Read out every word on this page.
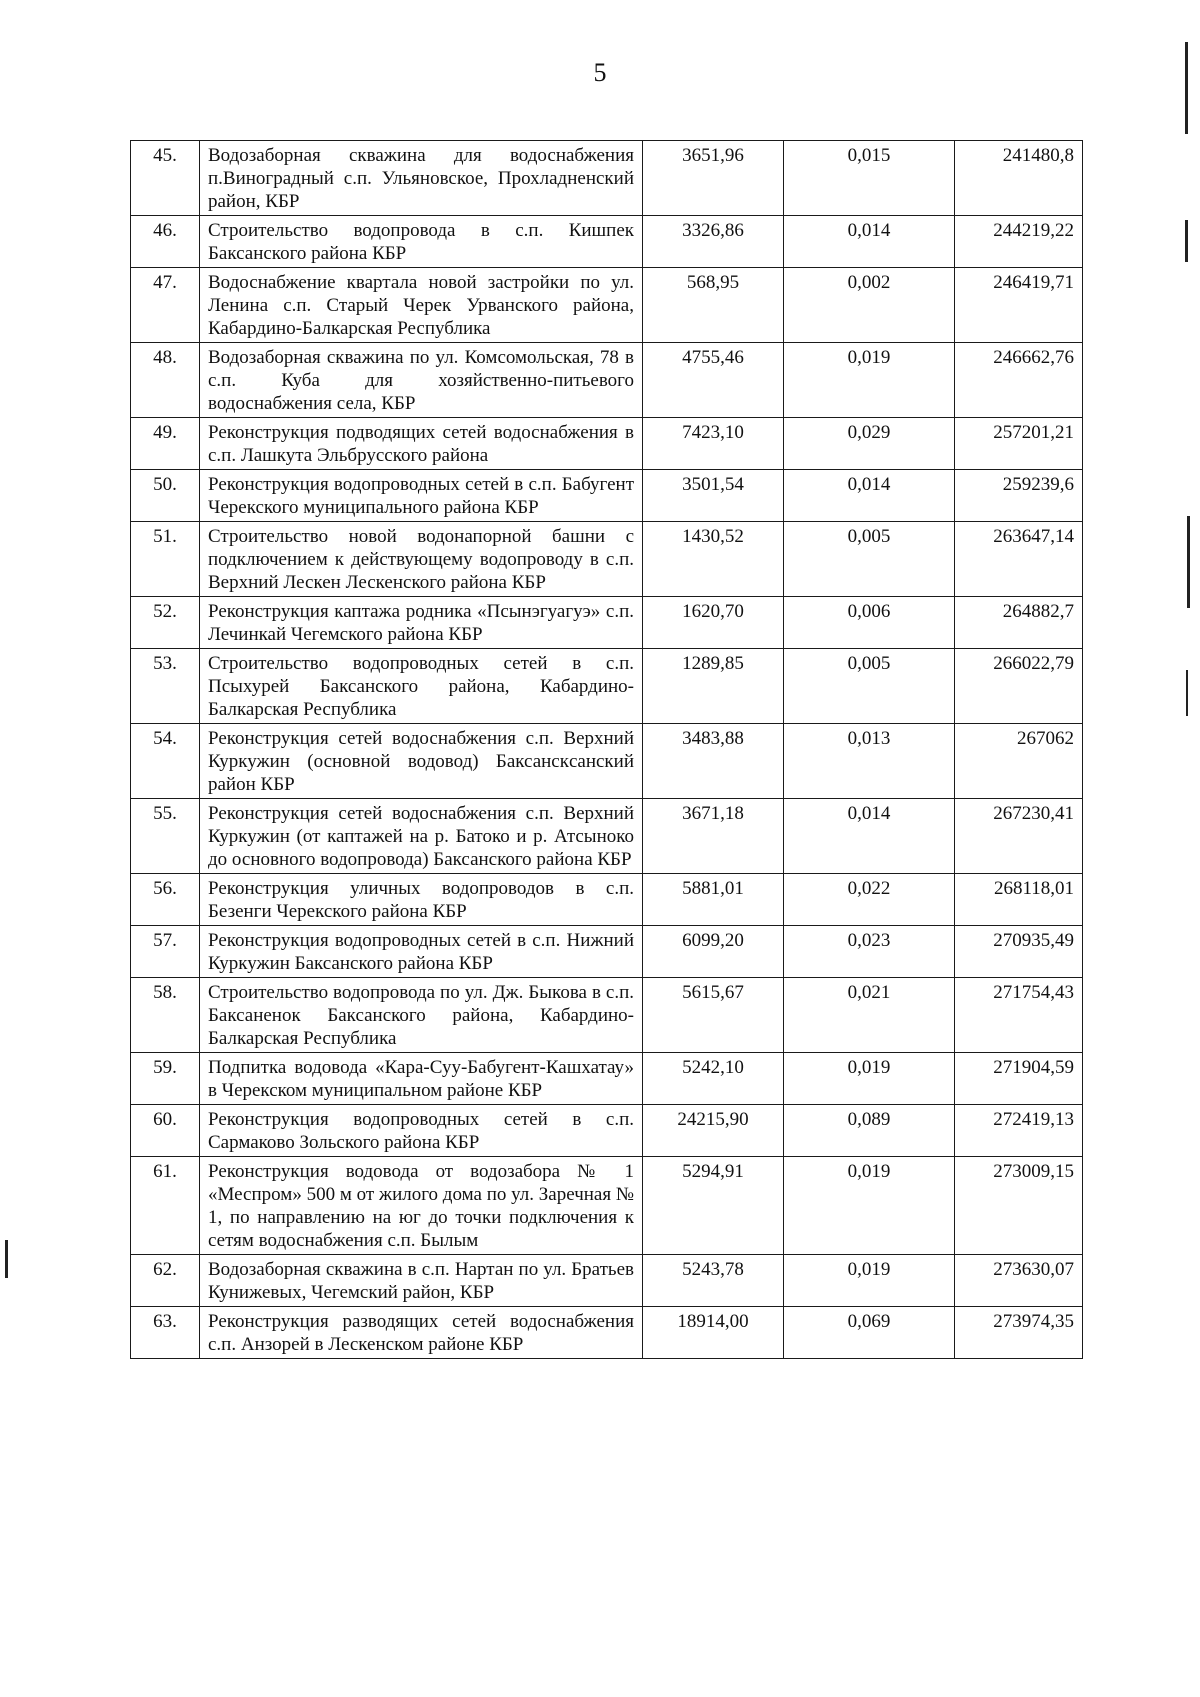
5
45.	Водозаборная скважина для водоснабжения п.Виноградный с.п. Ульяновское, Прохладненский район, КБР	3651,96	0,015	241480,8
46.	Строительство водопровода в с.п. Кишпек Баксанского района КБР	3326,86	0,014	244219,22
47.	Водоснабжение квартала новой застройки по ул. Ленина с.п. Старый Черек Урванского района, Кабардино-Балкарская Республика	568,95	0,002	246419,71
48.	Водозаборная скважина по ул. Комсомольская, 78 в с.п. Куба для хозяйственно-питьевого водоснабжения села, КБР	4755,46	0,019	246662,76
49.	Реконструкция подводящих сетей водоснабжения в с.п. Лашкута Эльбрусского района	7423,10	0,029	257201,21
50.	Реконструкция водопроводных сетей в с.п. Бабугент Черекского муниципального района КБР	3501,54	0,014	259239,6
51.	Строительство новой водонапорной башни с подключением к действующему водопроводу в с.п. Верхний Лескен Лескенского района КБР	1430,52	0,005	263647,14
52.	Реконструкция каптажа родника «Псынэгуагуэ» с.п. Лечинкай Чегемского района КБР	1620,70	0,006	264882,7
53.	Строительство водопроводных сетей в с.п. Псыхурей Баксанского района, Кабардино-Балкарская Республика	1289,85	0,005	266022,79
54.	Реконструкция сетей водоснабжения с.п. Верхний Куркужин (основной водовод) Баксанскcанский район КБР	3483,88	0,013	267062
55.	Реконструкция сетей водоснабжения с.п. Верхний Куркужин (от каптажей на р. Батоко и р. Атсыноко до основного водопровода) Баксанского района КБР	3671,18	0,014	267230,41
56.	Реконструкция уличных водопроводов в с.п. Безенги Черекского района КБР	5881,01	0,022	268118,01
57.	Реконструкция водопроводных сетей в с.п. Нижний Куркужин Баксанского района КБР	6099,20	0,023	270935,49
58.	Строительство водопровода по ул. Дж. Быкова в с.п. Баксаненок Баксанского района, Кабардино-Балкарская Республика	5615,67	0,021	271754,43
59.	Подпитка водовода «Кара-Суу-Бабугент-Кашхатау» в Черекском муниципальном районе КБР	5242,10	0,019	271904,59
60.	Реконструкция водопроводных сетей в с.п. Сармаково Зольского района КБР	24215,90	0,089	272419,13
61.	Реконструкция водовода от водозабора № 1 «Меспром» 500 м от жилого дома по ул. Заречная № 1, по направлению на юг до точки подключения к сетям водоснабжения с.п. Былым	5294,91	0,019	273009,15
62.	Водозаборная скважина в с.п. Нартан по ул. Братьев Кунижевых, Чегемский район, КБР	5243,78	0,019	273630,07
63.	Реконструкция разводящих сетей водоснабжения с.п. Анзорей в Лескенском районе КБР	18914,00	0,069	273974,35
